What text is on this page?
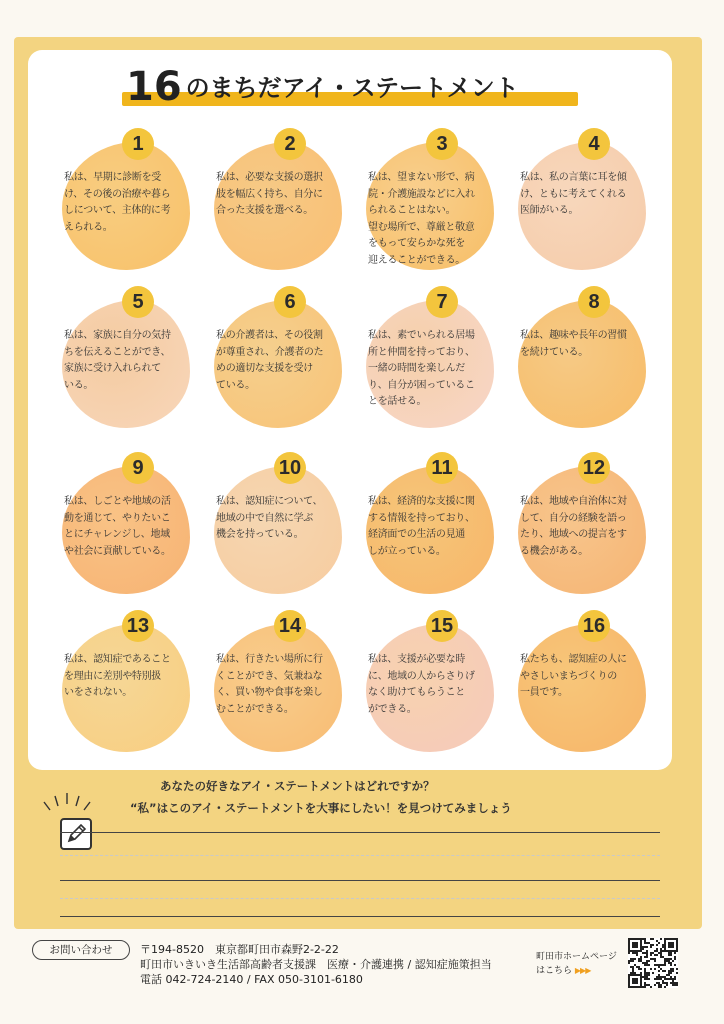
16 のまちだアイ・ステートメント
1
私は、早期に診断を受
け、その後の治療や暮ら
しについて、主体的に考
えられる。
2
私は、必要な支援の選択
肢を幅広く持ち、自分に
合った支援を選べる。
3
私は、望まない形で、病
院・介護施設などに入れ
られることはない。
望む場所で、尊厳と敬意
をもって安らかな死を
迎えることができる。
4
私は、私の言葉に耳を傾
け、ともに考えてくれる
医師がいる。
5
私は、家族に自分の気持
ちを伝えることができ、
家族に受け入れられて
いる。
6
私の介護者は、その役割
が尊重され、介護者のた
めの適切な支援を受け
ている。
7
私は、素でいられる居場
所と仲間を持っており、
一緒の時間を楽しんだ
り、自分が困っているこ
とを話せる。
8
私は、趣味や長年の習慣
を続けている。
9
私は、しごとや地域の活
動を通じて、やりたいこ
とにチャレンジし、地域
や社会に貢献している。
10
私は、認知症について、
地域の中で自然に学ぶ
機会を持っている。
11
私は、経済的な支援に関
する情報を持っており、
経済面での生活の見通
しが立っている。
12
私は、地域や自治体に対
して、自分の経験を語っ
たり、地域への提言をす
る機会がある。
13
私は、認知症であること
を理由に差別や特別扱
いをされない。
14
私は、行きたい場所に行
くことができ、気兼ねな
く、買い物や食事を楽し
むことができる。
15
私は、支援が必要な時
に、地域の人からさりげ
なく助けてもらうこと
ができる。
16
私たちも、認知症の人に
やさしいまちづくりの
一員です。
あなたの好きなアイ・ステートメントはどれですか？
“私”はこのアイ・ステートメントを大事にしたい！を見つけてみましょう
お問い合わせ	〒194-8520　東京都町田市森野2-2-22
町田市いきいき生活部高齢者支援課　医療・介護連携 / 認知症施策担当
電話 042-724-2140 / FAX 050-3101-6180
町田市ホームページ
はこちら ▶▶▶
